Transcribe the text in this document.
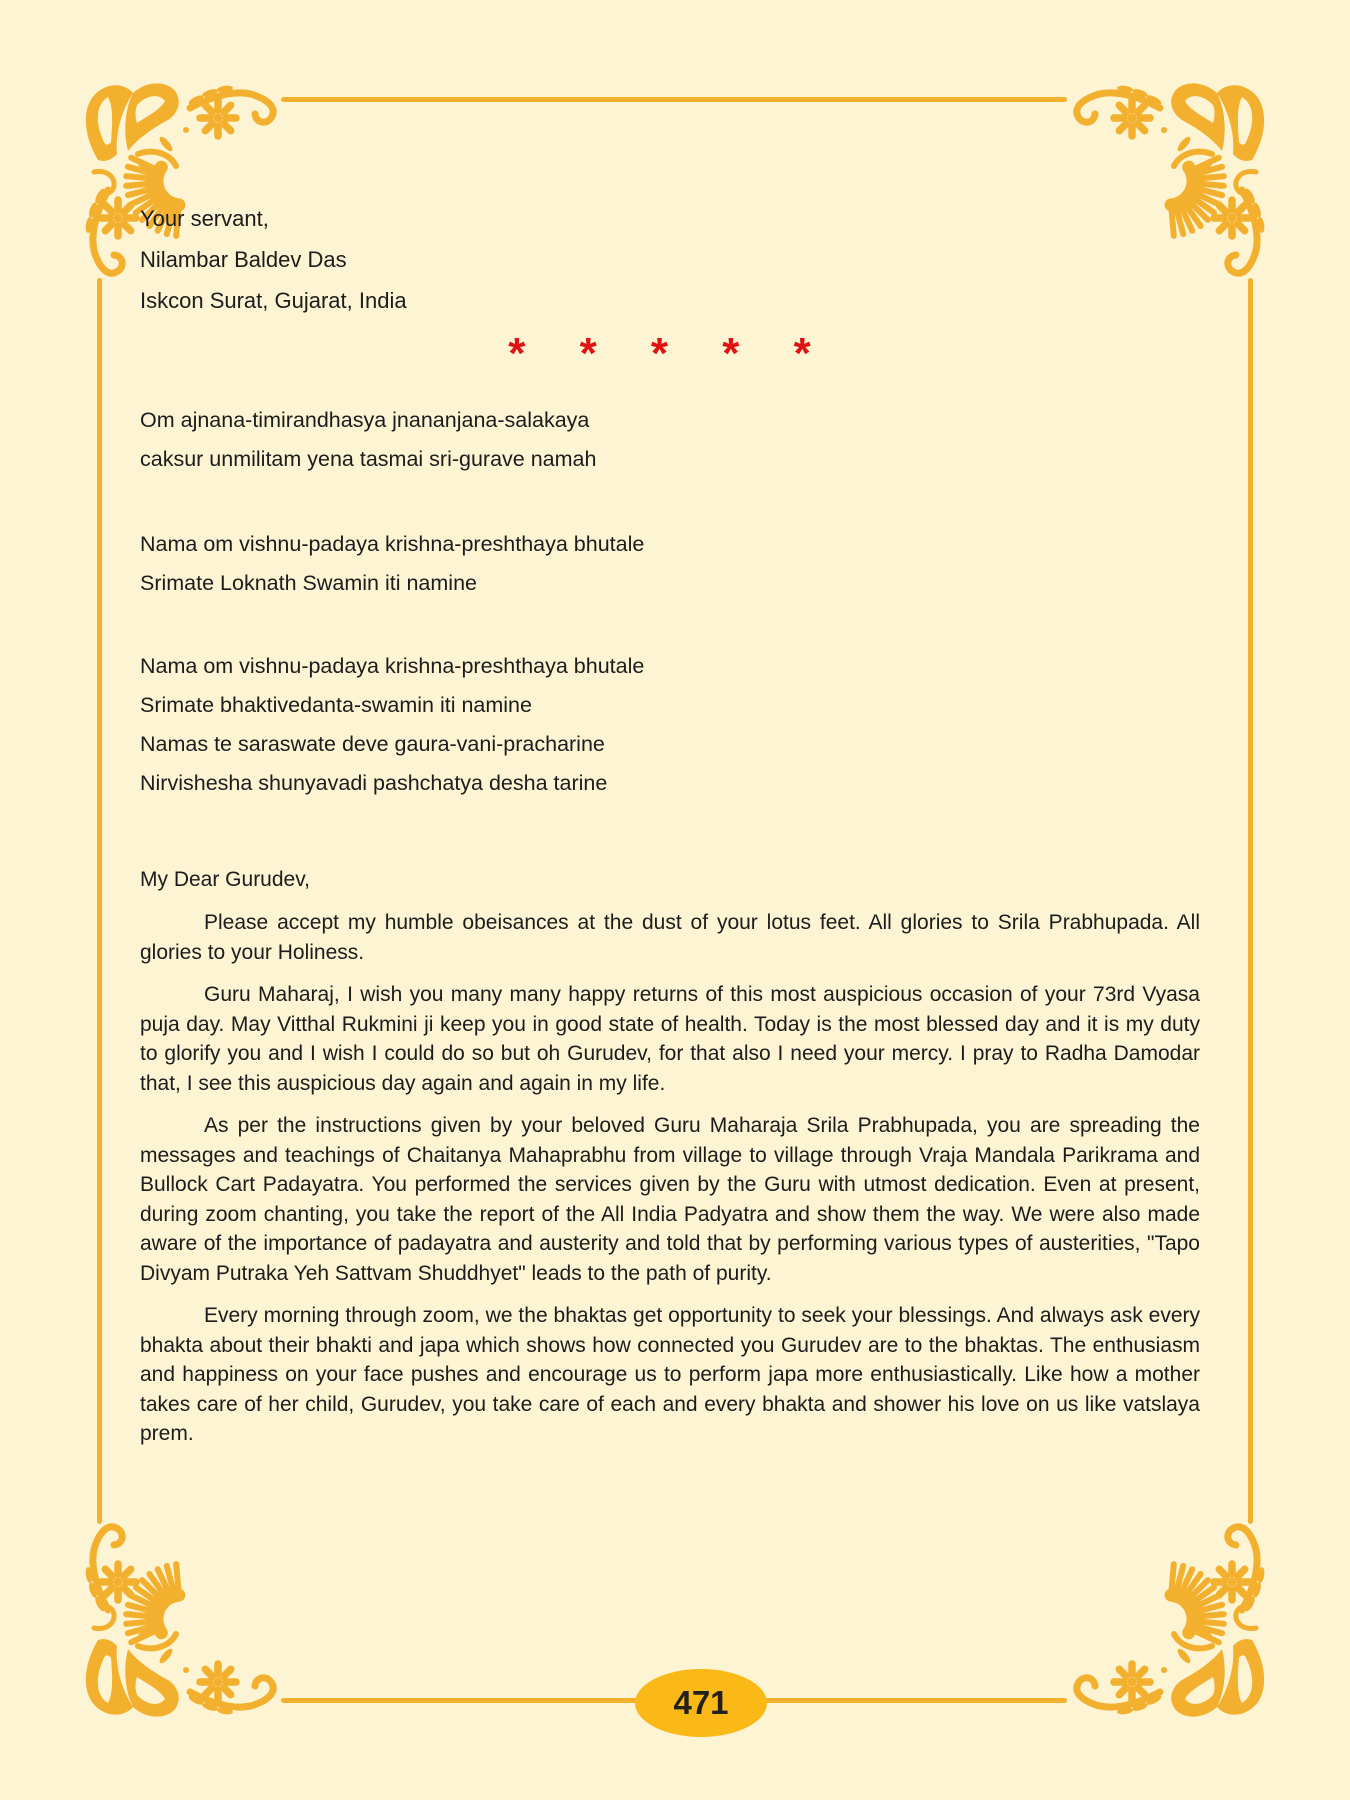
Your servant,
Nilambar Baldev Das
Iskcon Surat, Gujarat, India
* * * * *
Om ajnana-timirandhasya jnananjana-salakaya
caksur unmilitam yena tasmai sri-gurave namah
Nama om vishnu-padaya krishna-preshthaya bhutale
Srimate Loknath Swamin iti namine
Nama om vishnu-padaya krishna-preshthaya bhutale
Srimate bhaktivedanta-swamin iti namine
Namas te saraswate deve gaura-vani-pracharine
Nirvishesha shunyavadi pashchatya desha tarine
My Dear Gurudev,

Please accept my humble obeisances at the dust of your lotus feet. All glories to Srila Prabhupada. All glories to your Holiness.

Guru Maharaj, I wish you many many happy returns of this most auspicious occasion of your 73rd Vyasa puja day. May Vitthal Rukmini ji keep you in good state of health. Today is the most blessed day and it is my duty to glorify you and I wish I could do so but oh Gurudev, for that also I need your mercy. I pray to Radha Damodar that, I see this auspicious day again and again in my life.

As per the instructions given by your beloved Guru Maharaja Srila Prabhupada, you are spreading the messages and teachings of Chaitanya Mahaprabhu from village to village through Vraja Mandala Parikrama and Bullock Cart Padayatra. You performed the services given by the Guru with utmost dedication. Even at present, during zoom chanting, you take the report of the All India Padyatra and show them the way. We were also made aware of the importance of padayatra and austerity and told that by performing various types of austerities, "Tapo Divyam Putraka Yeh Sattvam Shuddhyet" leads to the path of purity.

Every morning through zoom, we the bhaktas get opportunity to seek your blessings. And always ask every bhakta about their bhakti and japa which shows how connected you Gurudev are to the bhaktas. The enthusiasm and happiness on your face pushes and encourage us to perform japa more enthusiastically. Like how a mother takes care of her child, Gurudev, you take care of each and every bhakta and shower his love on us like vatslaya prem.

471
